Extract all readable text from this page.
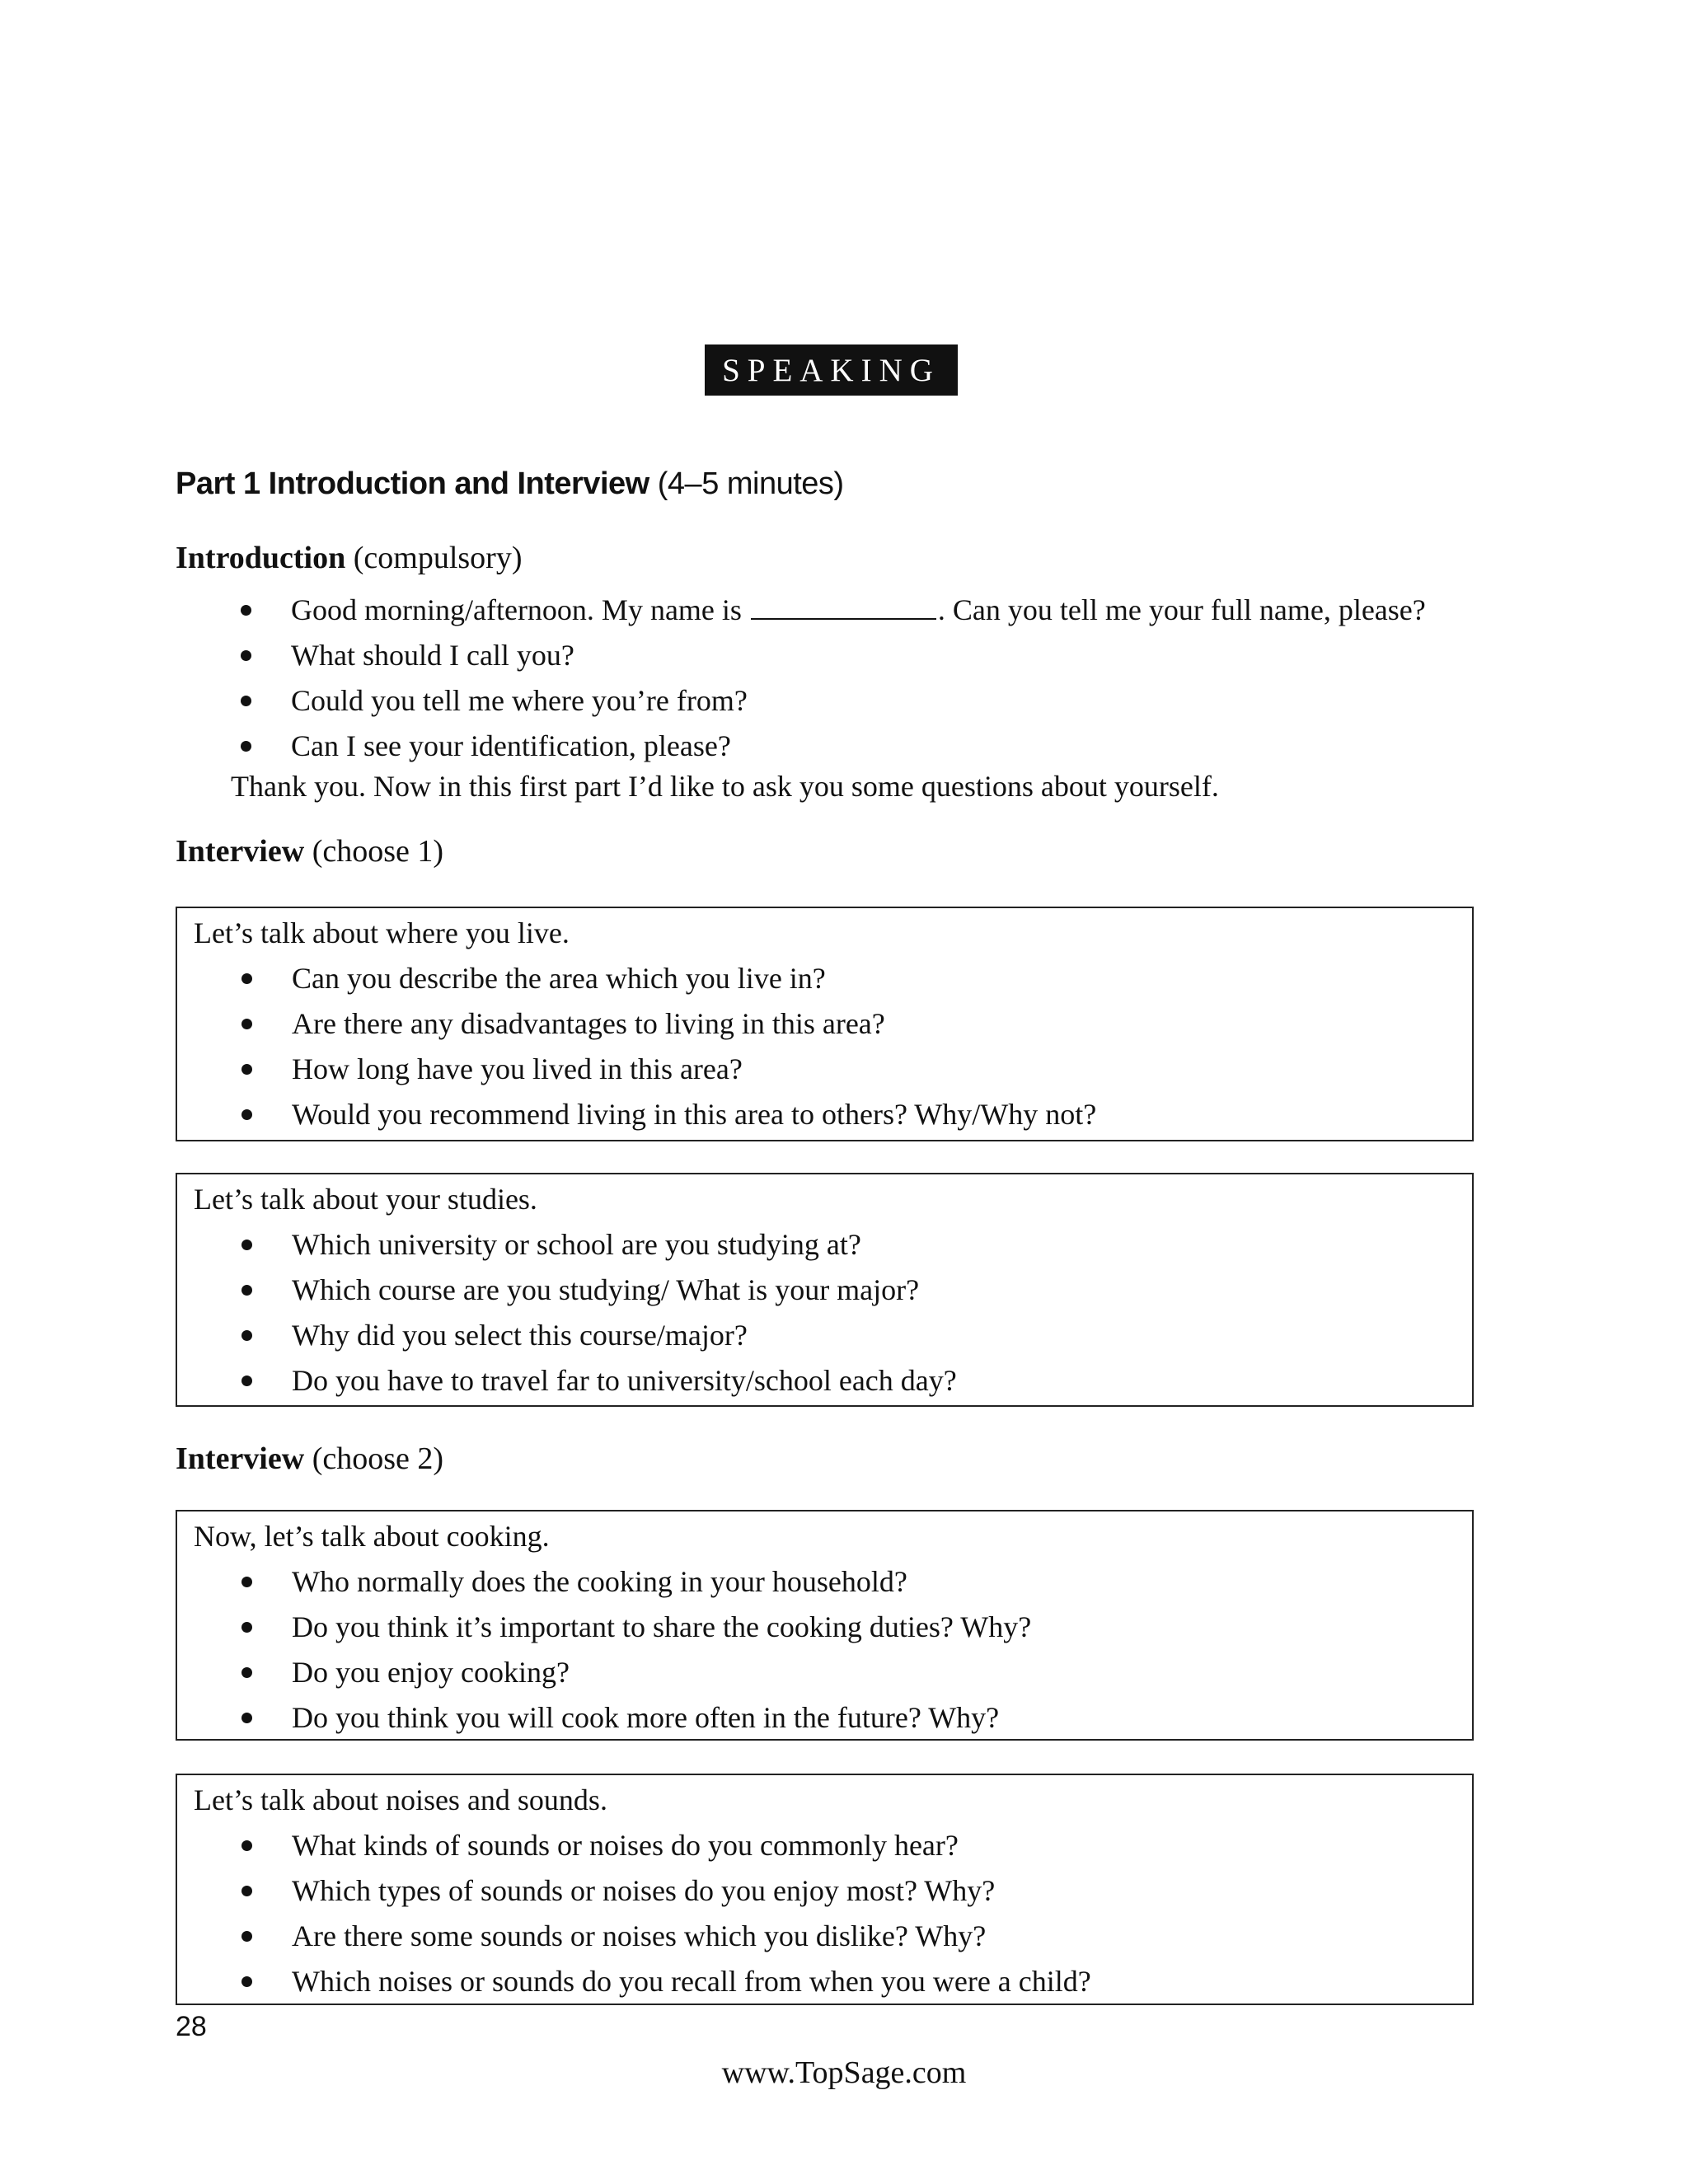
SPEAKING
Part 1 Introduction and Interview (4–5 minutes)
Introduction (compulsory)
Good morning/afternoon. My name is	. Can you tell me your full name, please?
What should I call you?
Could you tell me where you’re from?
Can I see your identification, please?
Thank you. Now in this first part I’d like to ask you some questions about yourself.
Interview (choose 1)
Let’s talk about where you live.
Can you describe the area which you live in?
Are there any disadvantages to living in this area?
How long have you lived in this area?
Would you recommend living in this area to others? Why/Why not?
Let’s talk about your studies.
Which university or school are you studying at?
Which course are you studying/ What is your major?
Why did you select this course/major?
Do you have to travel far to university/school each day?
Interview (choose 2)
Now, let’s talk about cooking.
Who normally does the cooking in your household?
Do you think it’s important to share the cooking duties? Why?
Do you enjoy cooking?
Do you think you will cook more often in the future? Why?
Let’s talk about noises and sounds.
What kinds of sounds or noises do you commonly hear?
Which types of sounds or noises do you enjoy most? Why?
Are there some sounds or noises which you dislike? Why?
Which noises or sounds do you recall from when you were a child?
28
www.TopSage.com
